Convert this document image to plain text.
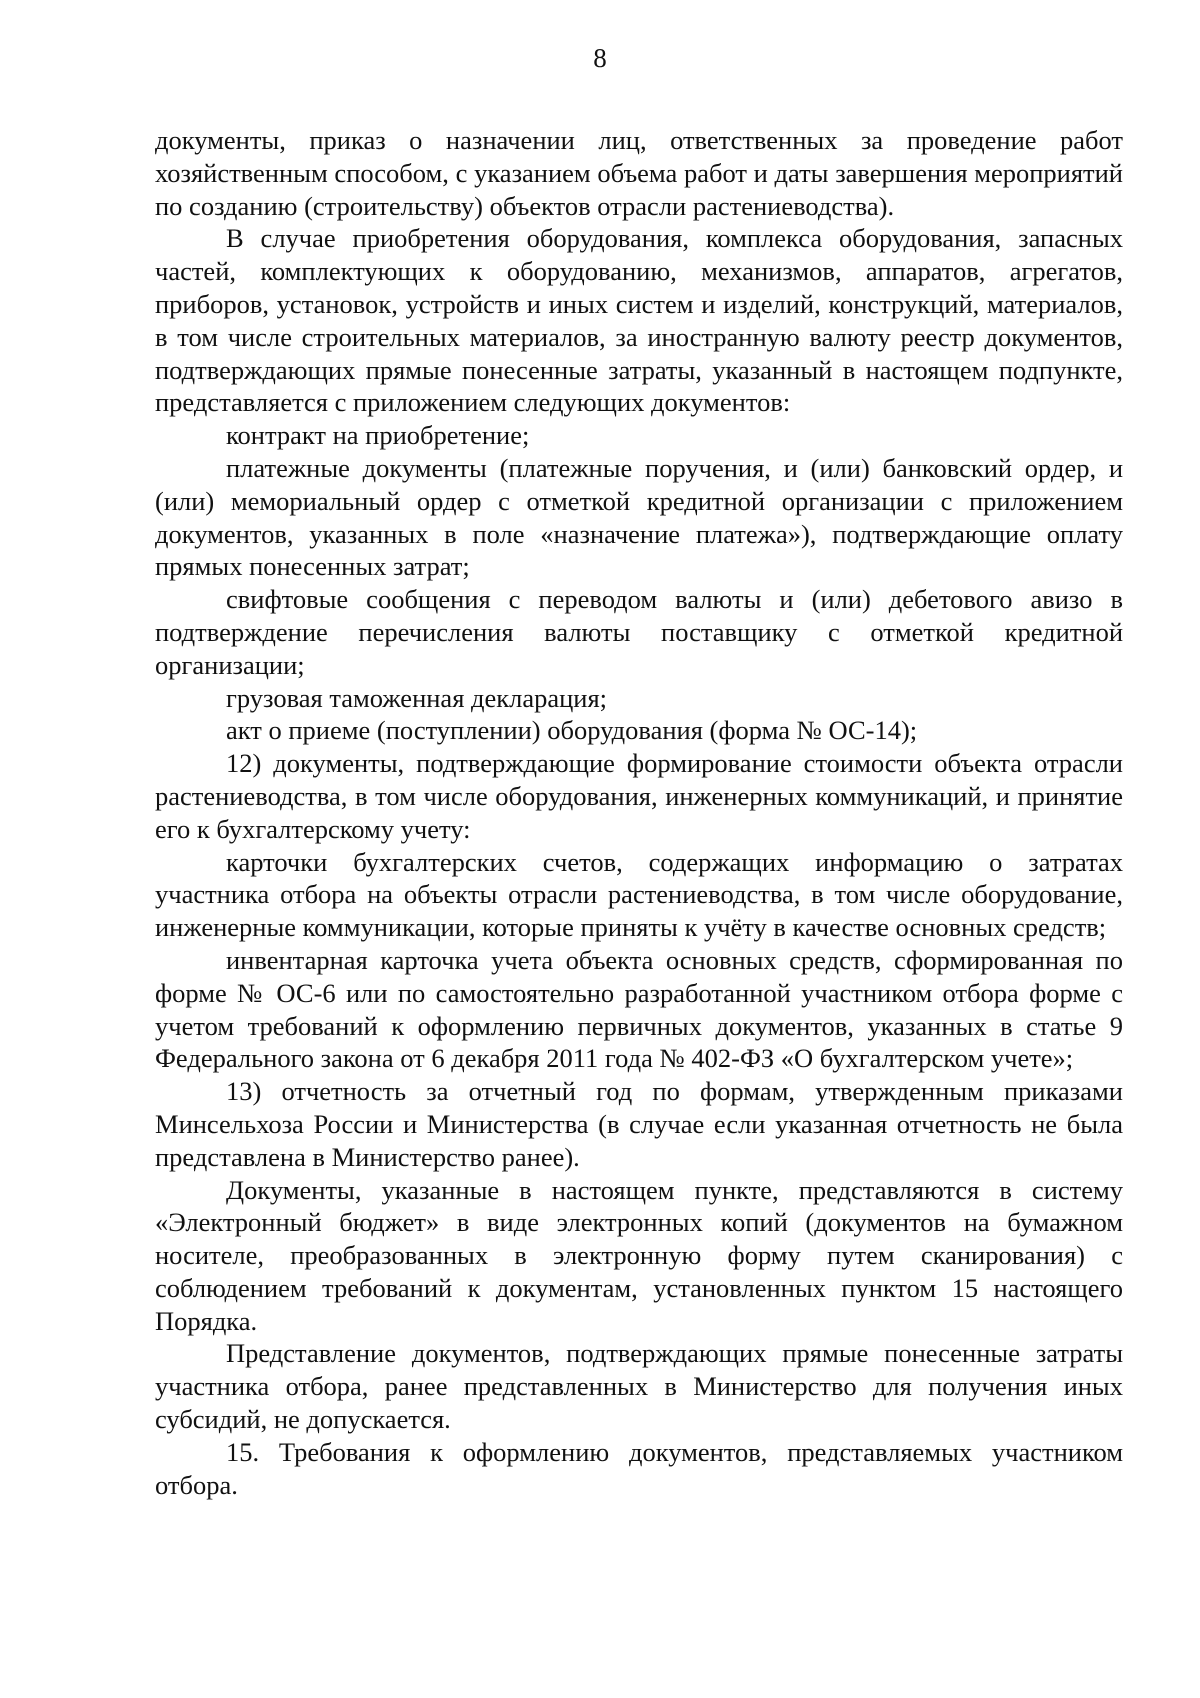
8

документы, приказ о назначении лиц, ответственных за проведение работ хозяйственным способом, с указанием объема работ и даты завершения мероприятий по созданию (строительству) объектов отрасли растениеводства).

В случае приобретения оборудования, комплекса оборудования, запасных частей, комплектующих к оборудованию, механизмов, аппаратов, агрегатов, приборов, установок, устройств и иных систем и изделий, конструкций, материалов, в том числе строительных материалов, за иностранную валюту реестр документов, подтверждающих прямые понесенные затраты, указанный в настоящем подпункте, представляется с приложением следующих документов:

контракт на приобретение;

платежные документы (платежные поручения, и (или) банковский ордер, и (или) мемориальный ордер с отметкой кредитной организации с приложением документов, указанных в поле «назначение платежа»), подтверждающие оплату прямых понесенных затрат;

свифтовые сообщения с переводом валюты и (или) дебетового авизо в подтверждение перечисления валюты поставщику с отметкой кредитной организации;

грузовая таможенная декларация;

акт о приеме (поступлении) оборудования (форма № ОС-14);

12) документы, подтверждающие формирование стоимости объекта отрасли растениеводства, в том числе оборудования, инженерных коммуникаций, и принятие его к бухгалтерскому учету:

карточки бухгалтерских счетов, содержащих информацию о затратах участника отбора на объекты отрасли растениеводства, в том числе оборудование, инженерные коммуникации, которые приняты к учёту в качестве основных средств;

инвентарная карточка учета объекта основных средств, сформированная по форме № ОС-6 или по самостоятельно разработанной участником отбора форме с учетом требований к оформлению первичных документов, указанных в статье 9 Федерального закона от 6 декабря 2011 года № 402-ФЗ «О бухгалтерском учете»;

13) отчетность за отчетный год по формам, утвержденным приказами Минсельхоза России и Министерства (в случае если указанная отчетность не была представлена в Министерство ранее).

Документы, указанные в настоящем пункте, представляются в систему «Электронный бюджет» в виде электронных копий (документов на бумажном носителе, преобразованных в электронную форму путем сканирования) с соблюдением требований к документам, установленных пунктом 15 настоящего Порядка.

Представление документов, подтверждающих прямые понесенные затраты участника отбора, ранее представленных в Министерство для получения иных субсидий, не допускается.

15. Требования к оформлению документов, представляемых участником отбора.
